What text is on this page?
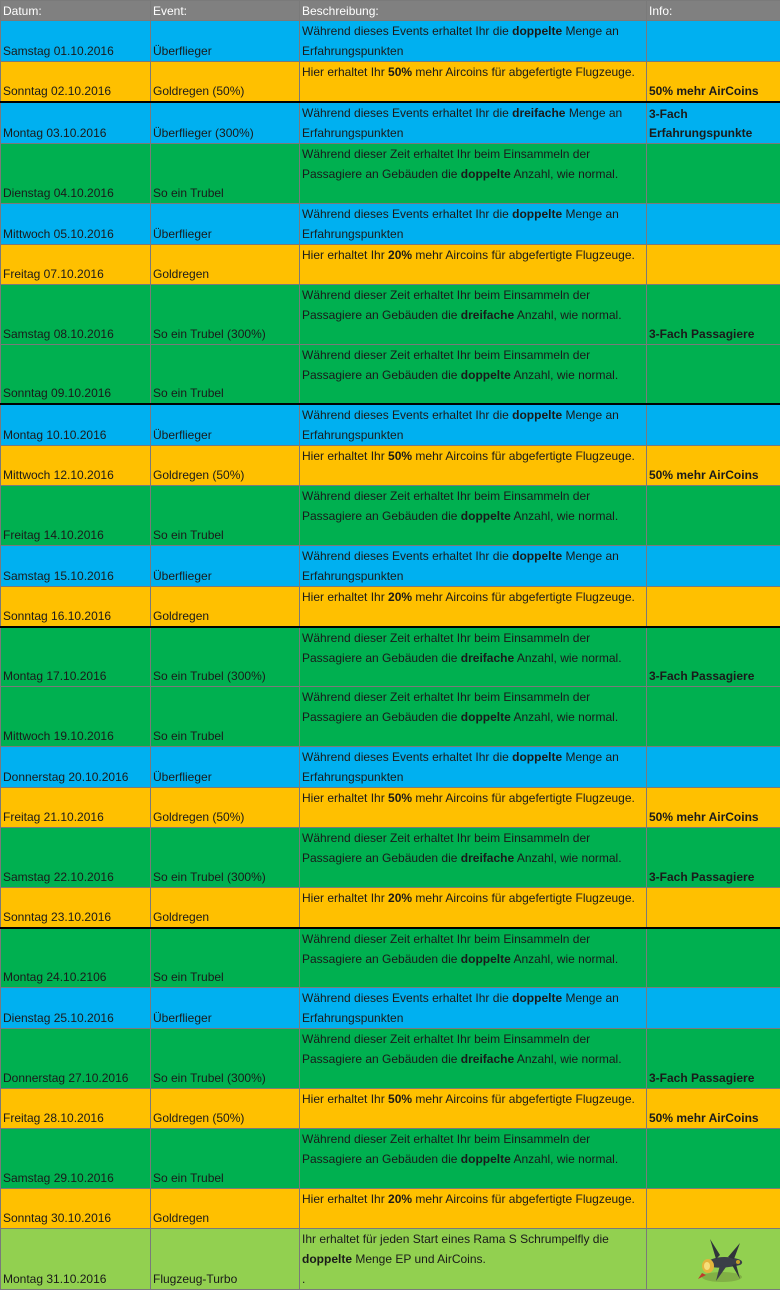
Datum:	Event:	Beschreibung:	Info:
Samstag 01.10.2016	Überflieger	Während dieses Events erhaltet Ihr die doppelte Menge an Erfahrungspunkten	
Sonntag 02.10.2016	Goldregen (50%)	Hier erhaltet Ihr 50% mehr Aircoins für abgefertigte Flugzeuge.	50% mehr AirCoins
Montag 03.10.2016	Überflieger (300%)	Während dieses Events erhaltet Ihr die dreifache Menge an Erfahrungspunkten	3-Fach Erfahrungspunkte
Dienstag 04.10.2016	So ein Trubel	Während dieser Zeit erhaltet Ihr beim Einsammeln der Passagiere an Gebäuden die doppelte Anzahl, wie normal.	
Mittwoch 05.10.2016	Überflieger	Während dieses Events erhaltet Ihr die doppelte Menge an Erfahrungspunkten	
Freitag 07.10.2016	Goldregen	Hier erhaltet Ihr 20% mehr Aircoins für abgefertigte Flugzeuge.	
Samstag 08.10.2016	So ein Trubel (300%)	Während dieser Zeit erhaltet Ihr beim Einsammeln der Passagiere an Gebäuden die dreifache Anzahl, wie normal.	3-Fach Passagiere
Sonntag 09.10.2016	So ein Trubel	Während dieser Zeit erhaltet Ihr beim Einsammeln der Passagiere an Gebäuden die doppelte Anzahl, wie normal.	
Montag 10.10.2016	Überflieger	Während dieses Events erhaltet Ihr die doppelte Menge an Erfahrungspunkten	
Mittwoch 12.10.2016	Goldregen (50%)	Hier erhaltet Ihr 50% mehr Aircoins für abgefertigte Flugzeuge.	50% mehr AirCoins
Freitag 14.10.2016	So ein Trubel	Während dieser Zeit erhaltet Ihr beim Einsammeln der Passagiere an Gebäuden die doppelte Anzahl, wie normal.	
Samstag 15.10.2016	Überflieger	Während dieses Events erhaltet Ihr die doppelte Menge an Erfahrungspunkten	
Sonntag 16.10.2016	Goldregen	Hier erhaltet Ihr 20% mehr Aircoins für abgefertigte Flugzeuge.	
Montag 17.10.2016	So ein Trubel (300%)	Während dieser Zeit erhaltet Ihr beim Einsammeln der Passagiere an Gebäuden die dreifache Anzahl, wie normal.	3-Fach Passagiere
Mittwoch 19.10.2016	So ein Trubel	Während dieser Zeit erhaltet Ihr beim Einsammeln der Passagiere an Gebäuden die doppelte Anzahl, wie normal.	
Donnerstag 20.10.2016	Überflieger	Während dieses Events erhaltet Ihr die doppelte Menge an Erfahrungspunkten	
Freitag 21.10.2016	Goldregen (50%)	Hier erhaltet Ihr 50% mehr Aircoins für abgefertigte Flugzeuge.	50% mehr AirCoins
Samstag 22.10.2016	So ein Trubel (300%)	Während dieser Zeit erhaltet Ihr beim Einsammeln der Passagiere an Gebäuden die dreifache Anzahl, wie normal.	3-Fach Passagiere
Sonntag 23.10.2016	Goldregen	Hier erhaltet Ihr 20% mehr Aircoins für abgefertigte Flugzeuge.	
Montag 24.10.2106	So ein Trubel	Während dieser Zeit erhaltet Ihr beim Einsammeln der Passagiere an Gebäuden die doppelte Anzahl, wie normal.	
Dienstag 25.10.2016	Überflieger	Während dieses Events erhaltet Ihr die doppelte Menge an Erfahrungspunkten	
Donnerstag 27.10.2016	So ein Trubel (300%)	Während dieser Zeit erhaltet Ihr beim Einsammeln der Passagiere an Gebäuden die dreifache Anzahl, wie normal.	3-Fach Passagiere
Freitag 28.10.2016	Goldregen (50%)	Hier erhaltet Ihr 50% mehr Aircoins für abgefertigte Flugzeuge.	50% mehr AirCoins
Samstag 29.10.2016	So ein Trubel	Während dieser Zeit erhaltet Ihr beim Einsammeln der Passagiere an Gebäuden die doppelte Anzahl, wie normal.	
Sonntag 30.10.2016	Goldregen	Hier erhaltet Ihr 20% mehr Aircoins für abgefertigte Flugzeuge.	
Montag 31.10.2016	Flugzeug-Turbo	Ihr erhaltet für jeden Start eines Rama S Schrumpelfly die doppelte Menge EP und AirCoins.
.	
